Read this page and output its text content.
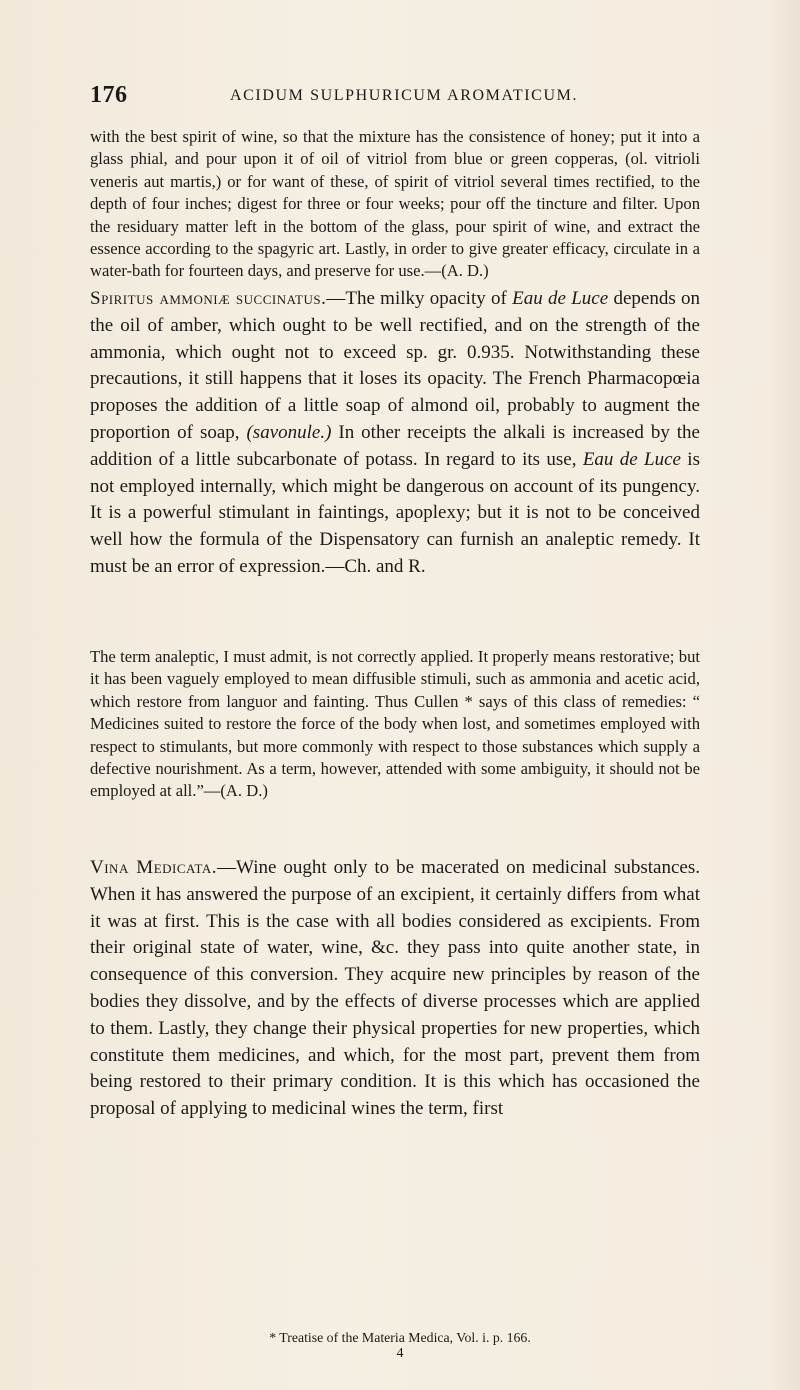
176	ACIDUM SULPHURICUM AROMATICUM.

with the best spirit of wine, so that the mixture has the consistence of honey; put it into a glass phial, and pour upon it of oil of vitriol from blue or green copperas, (ol. vitrioli veneris aut martis,) or for want of these, of spirit of vitriol several times rectified, to the depth of four inches; digest for three or four weeks; pour off the tincture and filter. Upon the residuary matter left in the bottom of the glass, pour spirit of wine, and extract the essence according to the spagyric art. Lastly, in order to give greater efficacy, circulate in a water-bath for fourteen days, and preserve for use.—(A. D.)

Spiritus ammoniæ succinatus.—The milky opacity of Eau de Luce depends on the oil of amber, which ought to be well rectified, and on the strength of the ammonia, which ought not to exceed sp. gr. 0.935. Notwithstanding these precautions, it still happens that it loses its opacity. The French Pharmacopœia proposes the addition of a little soap of almond oil, probably to augment the proportion of soap, (savonule.) In other receipts the alkali is increased by the addition of a little subcarbonate of potass. In regard to its use, Eau de Luce is not employed internally, which might be dangerous on account of its pungency. It is a powerful stimulant in faintings, apoplexy; but it is not to be conceived well how the formula of the Dispensatory can furnish an analeptic remedy. It must be an error of expression.—Ch. and R.

The term analeptic, I must admit, is not correctly applied. It properly means restorative; but it has been vaguely employed to mean diffusible stimuli, such as ammonia and acetic acid, which restore from languor and fainting. Thus Cullen * says of this class of remedies: “ Medicines suited to restore the force of the body when lost, and sometimes employed with respect to stimulants, but more commonly with respect to those substances which supply a defective nourishment. As a term, however, attended with some ambiguity, it should not be employed at all.”—(A. D.)

Vina Medicata.—Wine ought only to be macerated on medicinal substances. When it has answered the purpose of an excipient, it certainly differs from what it was at first. This is the case with all bodies considered as excipients. From their original state of water, wine, &c. they pass into quite another state, in consequence of this conversion. They acquire new principles by reason of the bodies they dissolve, and by the effects of diverse processes which are applied to them. Lastly, they change their physical properties for new properties, which constitute them medicines, and which, for the most part, prevent them from being restored to their primary condition. It is this which has occasioned the proposal of applying to medicinal wines the term, first

* Treatise of the Materia Medica, Vol. i. p. 166.
4
